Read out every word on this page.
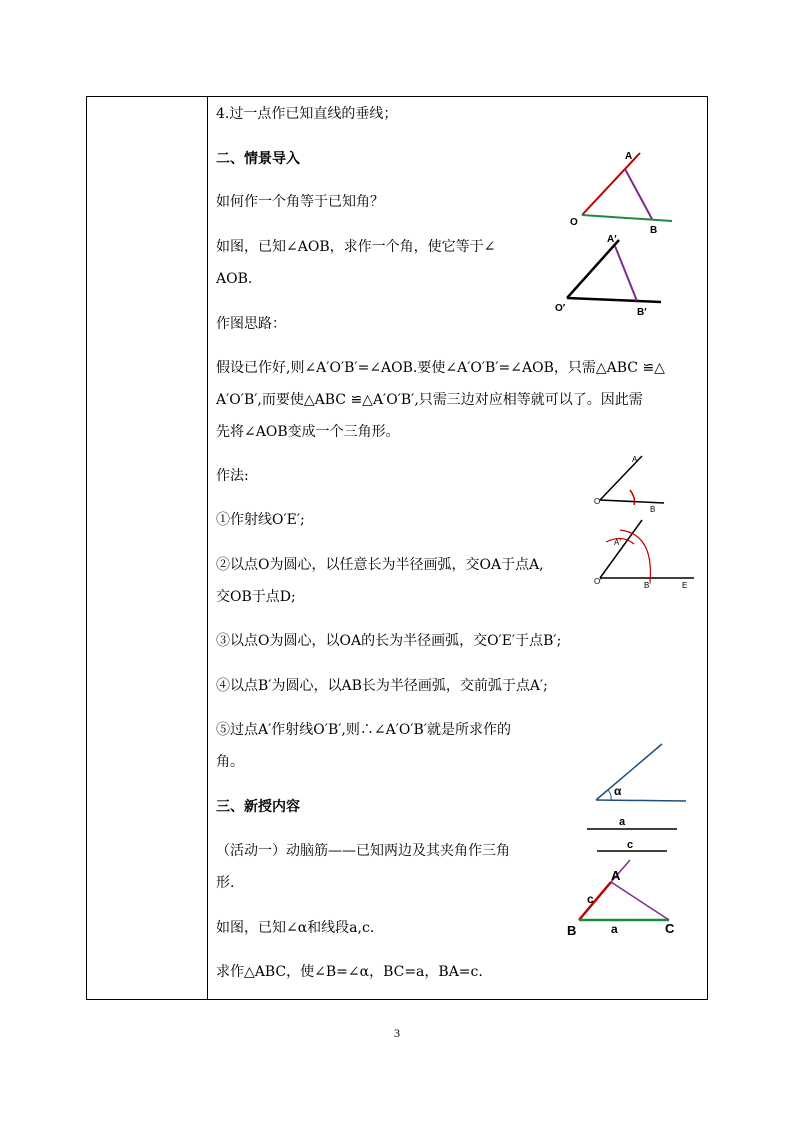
4.过一点作已知直线的垂线；
二、情景导入
如何作一个角等于已知角？
如图，已知∠AOB，求作一个角，使它等于∠
AOB.
作图思路：
假设已作好,则∠A′O′B′=∠AOB.要使∠A′O′B′=∠AOB，只需△ABC ≌△
A′O′B′,而要使△ABC ≌△A′O′B′,只需三边对应相等就可以了。因此需
先将∠AOB变成一个三角形。
作法:
①作射线O′E′;
②以点O为圆心，以任意长为半径画弧，交OA于点A,
交OB于点D;
③以点O为圆心，以OA的长为半径画弧，交O′E′于点B′;
④以点B′为圆心，以AB长为半径画弧，交前弧于点A′;
⑤过点A′作射线O′B′,则∴∠A′O′B′就是所求作的
角。
三、新授内容
（活动一）动脑筋——已知两边及其夹角作三角
形.
如图，已知∠α和线段a,c.
求作△ABC，使∠B=∠α，BC=a，BA=c.
A
O
B
A′
O′	B′
A
O
B
A′
O′	B′	E
α
a
c
A
B	C
c
a
3
